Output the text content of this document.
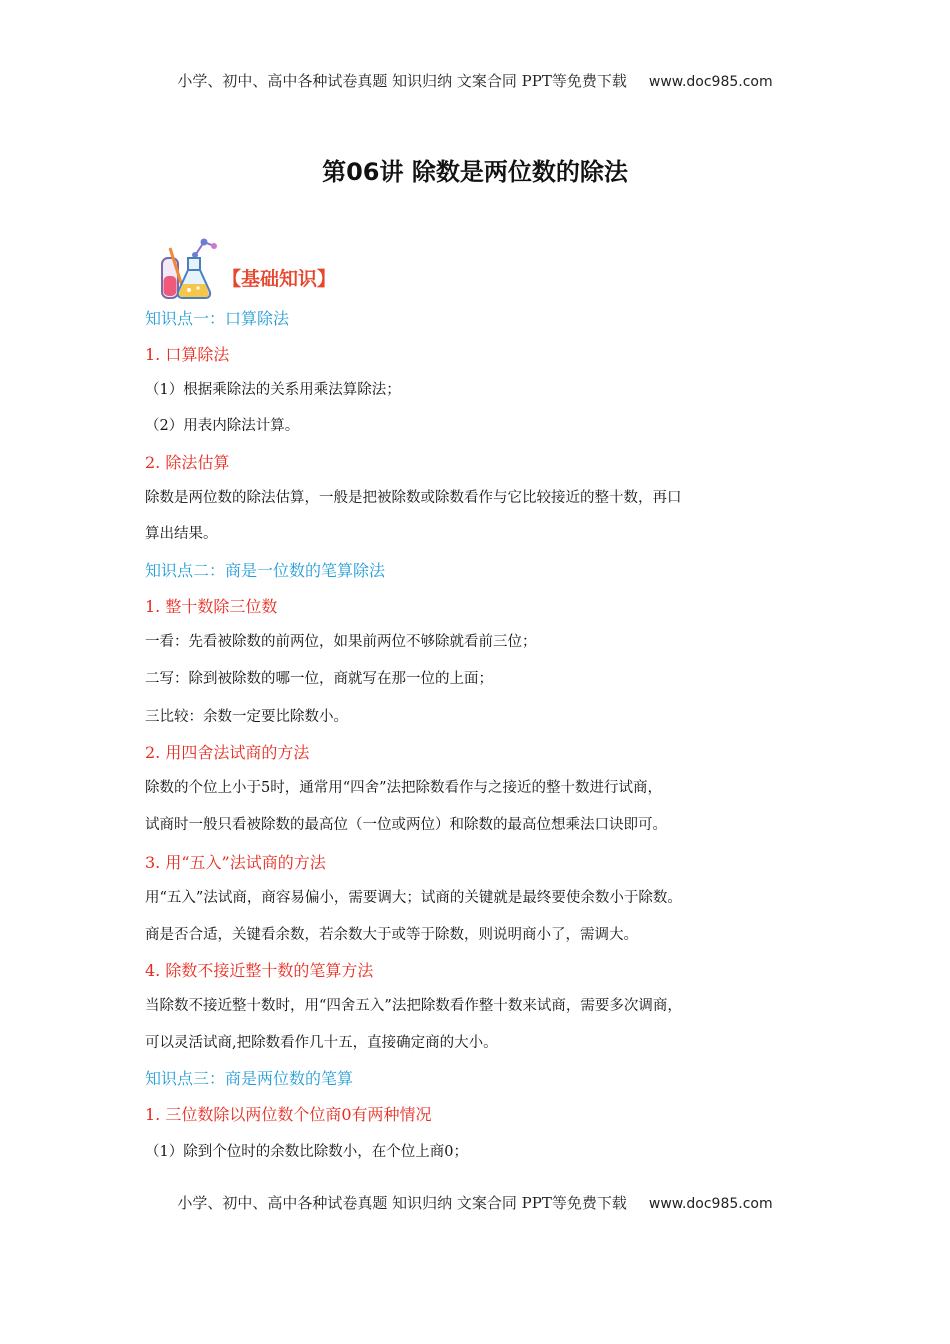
小学、初中、高中各种试卷真题 知识归纳 文案合同 PPT等免费下载 www.doc985.com
第06讲 除数是两位数的除法
【基础知识】
知识点一：口算除法
1. 口算除法
（1）根据乘除法的关系用乘法算除法；
（2）用表内除法计算。
2. 除法估算
除数是两位数的除法估算，一般是把被除数或除数看作与它比较接近的整十数，再口
算出结果。
知识点二：商是一位数的笔算除法
1. 整十数除三位数
一看：先看被除数的前两位，如果前两位不够除就看前三位；
二写：除到被除数的哪一位，商就写在那一位的上面；
三比较：余数一定要比除数小。
2. 用四舍法试商的方法
除数的个位上小于5时，通常用“四舍”法把除数看作与之接近的整十数进行试商，
试商时一般只看被除数的最高位（一位或两位）和除数的最高位想乘法口诀即可。
3. 用“五入”法试商的方法
用“五入”法试商，商容易偏小，需要调大；试商的关键就是最终要使余数小于除数。
商是否合适，关键看余数，若余数大于或等于除数，则说明商小了，需调大。
4. 除数不接近整十数的笔算方法
当除数不接近整十数时，用“四舍五入”法把除数看作整十数来试商，需要多次调商，
可以灵活试商,把除数看作几十五，直接确定商的大小。
知识点三：商是两位数的笔算
1. 三位数除以两位数个位商0有两种情况
（1）除到个位时的余数比除数小，在个位上商0；
小学、初中、高中各种试卷真题 知识归纳 文案合同 PPT等免费下载 www.doc985.com
